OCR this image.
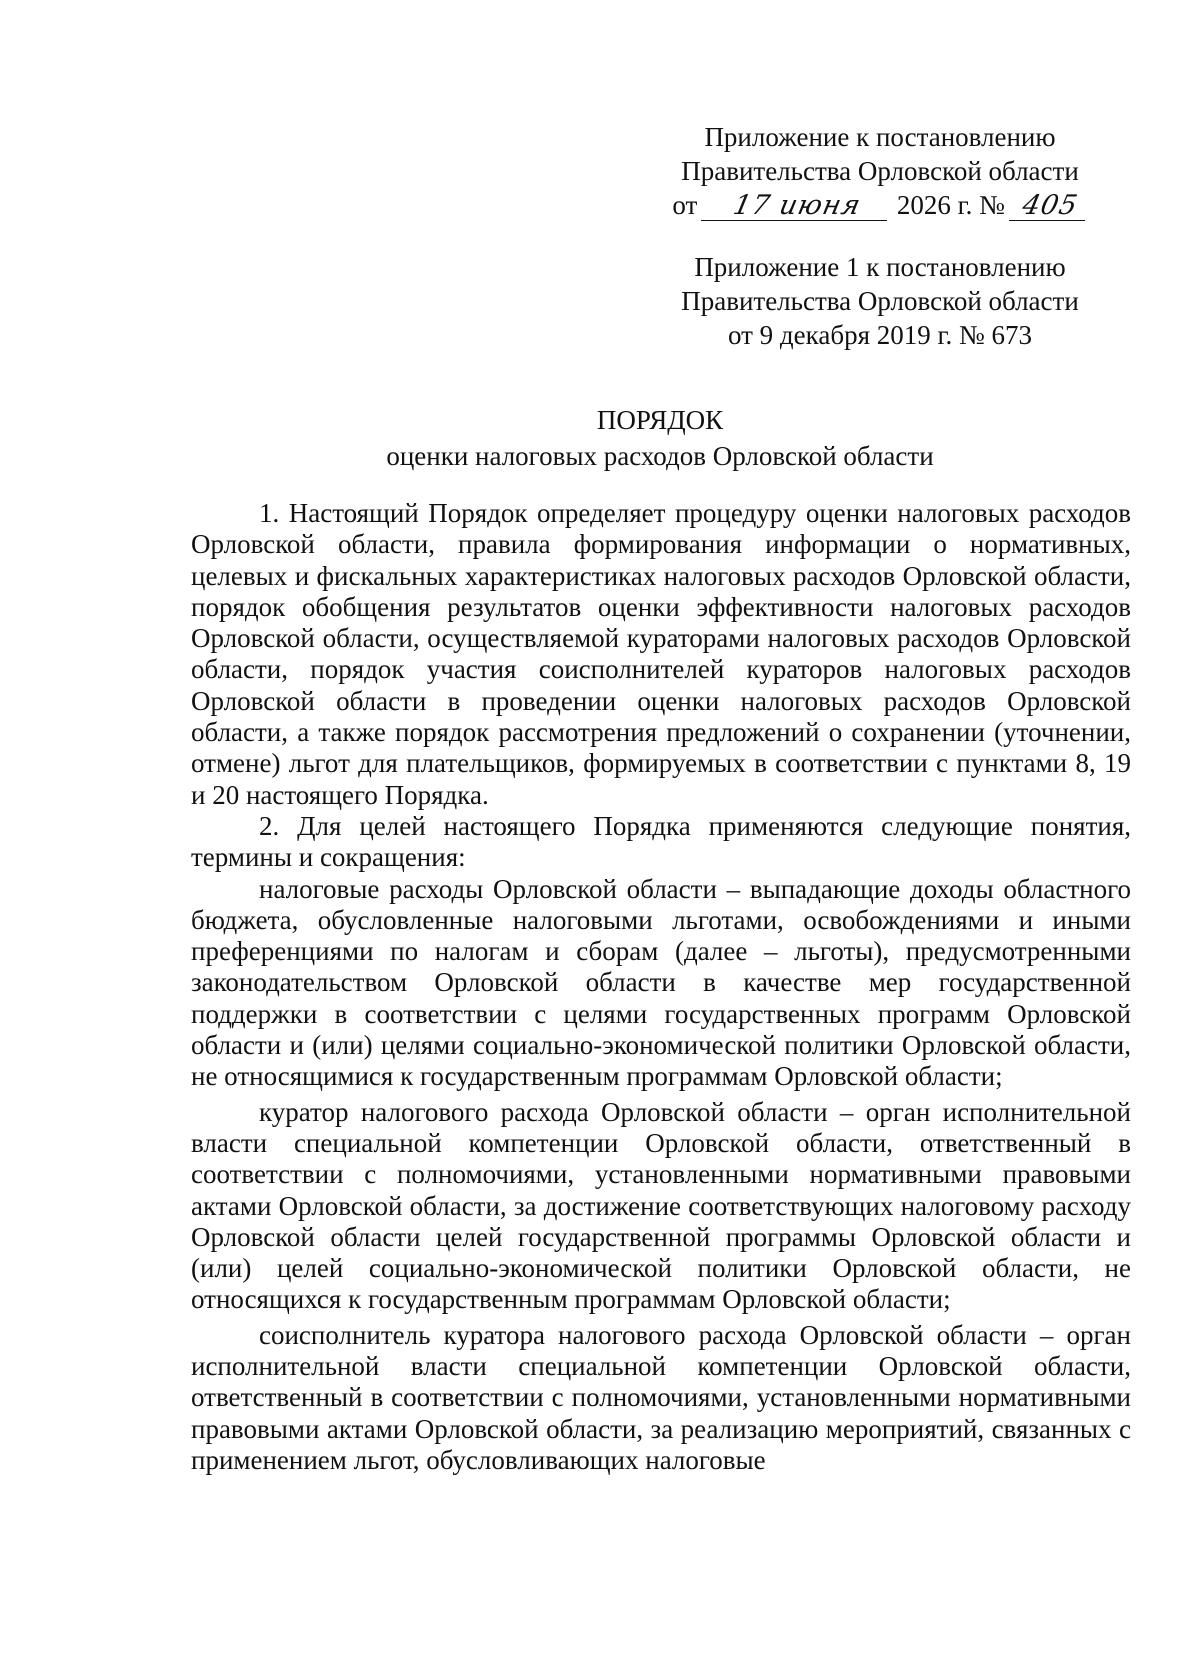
Приложение к постановлению
Правительства Орловской области
от 17 июня 2026 г. № 405
Приложение 1 к постановлению
Правительства Орловской области
от 9 декабря 2019 г. № 673
ПОРЯДОК
оценки налоговых расходов Орловской области

1. Настоящий Порядок определяет процедуру оценки налоговых расходов Орловской области, правила формирования информации о нормативных, целевых и фискальных характеристиках налоговых расходов Орловской области, порядок обобщения результатов оценки эффективности налоговых расходов Орловской области, осуществляемой кураторами налоговых расходов Орловской области, порядок участия соисполнителей кураторов налоговых расходов Орловской области в проведении оценки налоговых расходов Орловской области, а также порядок рассмотрения предложений о сохранении (уточнении, отмене) льгот для плательщиков, формируемых в соответствии с пунктами 8, 19 и 20 настоящего Порядка.

2. Для целей настоящего Порядка применяются следующие понятия, термины и сокращения:

налоговые расходы Орловской области – выпадающие доходы областного бюджета, обусловленные налоговыми льготами, освобождениями и иными преференциями по налогам и сборам (далее – льготы), предусмотренными законодательством Орловской области в качестве мер государственной поддержки в соответствии с целями государственных программ Орловской области и (или) целями социально-экономической политики Орловской области, не относящимися к государственным программам Орловской области;

куратор налогового расхода Орловской области – орган исполнительной власти специальной компетенции Орловской области, ответственный в соответствии с полномочиями, установленными нормативными правовыми актами Орловской области, за достижение соответствующих налоговому расходу Орловской области целей государственной программы Орловской области и (или) целей социально-экономической политики Орловской области, не относящихся к государственным программам Орловской области;

соисполнитель куратора налогового расхода Орловской области – орган исполнительной власти специальной компетенции Орловской области, ответственный в соответствии с полномочиями, установленными нормативными правовыми актами Орловской области, за реализацию мероприятий, связанных с применением льгот, обусловливающих налоговые
